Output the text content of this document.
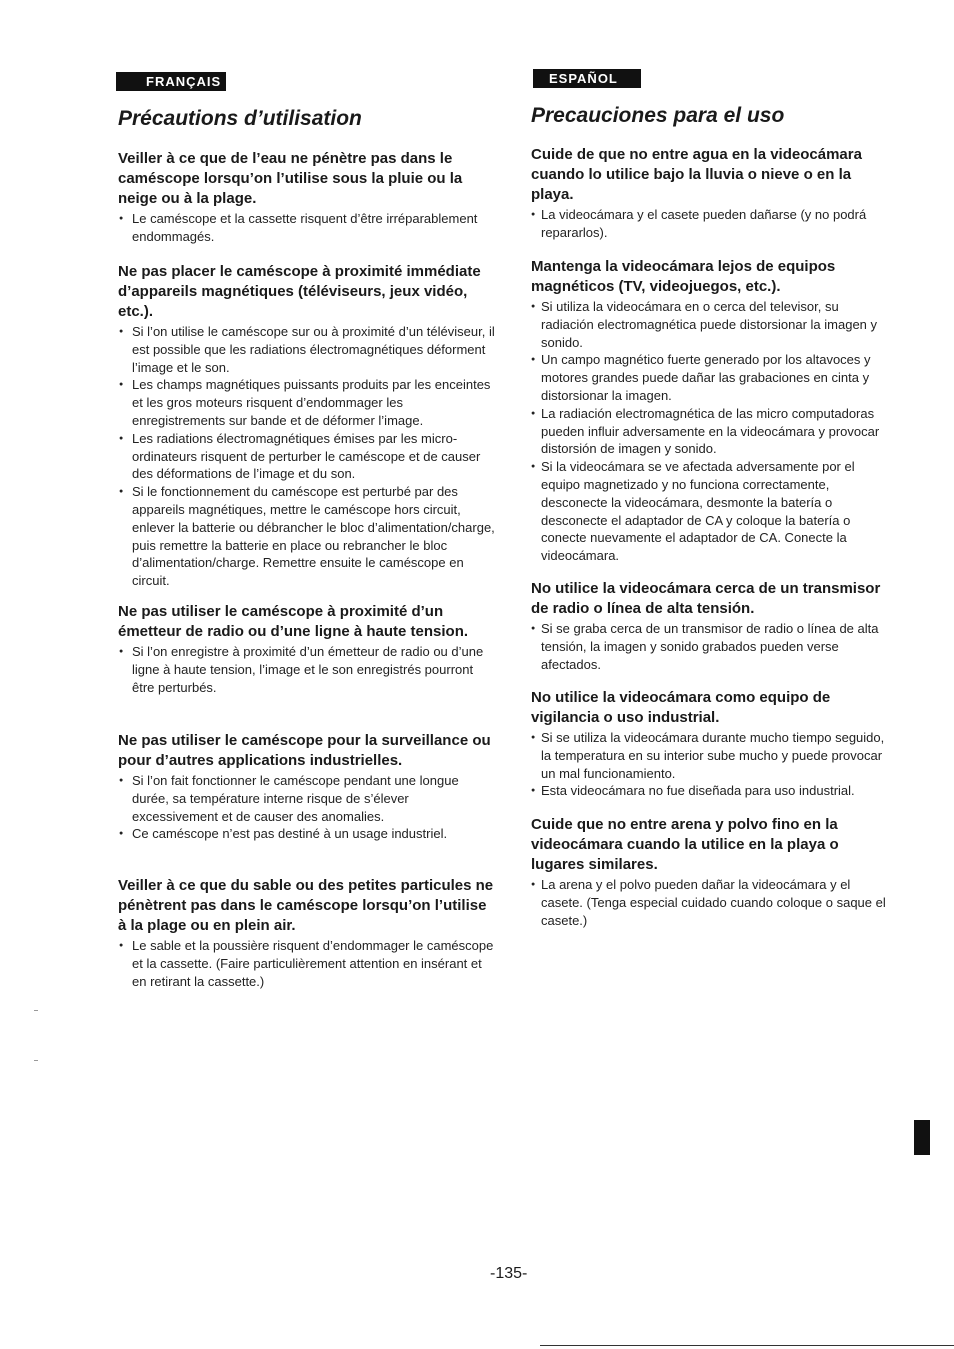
FRANÇAIS
Précautions d’utilisation
Veiller à ce que de l’eau ne pénètre pas dans le caméscope lorsqu’on l’utilise sous la pluie ou la neige ou à la plage.
● Le caméscope et la cassette risquent d’être irréparablement endommagés.
Ne pas placer le caméscope à proximité immédiate d’appareils magnétiques (téléviseurs, jeux vidéo, etc.).
● Si l’on utilise le caméscope sur ou à proximité d’un téléviseur, il est possible que les radiations électromagnétiques déforment l’image et le son.
● Les champs magnétiques puissants produits par les enceintes et les gros moteurs risquent d’endommager les enregistrements sur bande et de déformer l’image.
● Les radiations électromagnétiques émises par les micro-ordinateurs risquent de perturber le caméscope et de causer des déformations de l’image et du son.
● Si le fonctionnement du caméscope est perturbé par des appareils magnétiques, mettre le caméscope hors circuit, enlever la batterie ou débrancher le bloc d’alimentation/charge, puis remettre la batterie en place ou rebrancher le bloc d’alimentation/charge. Remettre ensuite le caméscope en circuit.
Ne pas utiliser le caméscope à proximité d’un émetteur de radio ou d’une ligne à haute tension.
● Si l’on enregistre à proximité d’un émetteur de radio ou d’une ligne à haute tension, l’image et le son enregistrés pourront être perturbés.
Ne pas utiliser le caméscope pour la surveillance ou pour d’autres applications industrielles.
● Si l’on fait fonctionner le caméscope pendant une longue durée, sa température interne risque de s’élever excessivement et de causer des anomalies.
● Ce caméscope n’est pas destiné à un usage industriel.
Veiller à ce que du sable ou des petites particules ne pénètrent pas dans le caméscope lorsqu’on l’utilise à la plage ou en plein air.
● Le sable et la poussière risquent d’endommager le caméscope et la cassette. (Faire particulièrement attention en insérant et en retirant la cassette.)
ESPAÑOL
Precauciones para el uso
Cuide de que no entre agua en la videocámara cuando lo utilice bajo la lluvia o nieve o en la playa.
● La videocámara y el casete pueden dañarse (y no podrá repararlos).
Mantenga la videocámara lejos de equipos magnéticos (TV, videojuegos, etc.).
● Si utiliza la videocámara en o cerca del televisor, su radiación electromagnética puede distorsionar la imagen y sonido.
● Un campo magnético fuerte generado por los altavoces y motores grandes puede dañar las grabaciones en cinta y distorsionar la imagen.
● La radiación electromagnética de las micro computadoras pueden influir adversamente en la videocámara y provocar distorsión de imagen y sonido.
● Si la videocámara se ve afectada adversamente por el equipo magnetizado y no funciona correctamente, desconecte la videocámara, desmonte la batería o desconecte el adaptador de CA y coloque la batería o conecte nuevamente el adaptador de CA. Conecte la videocámara.
No utilice la videocámara cerca de un transmisor de radio o línea de alta tensión.
● Si se graba cerca de un transmisor de radio o línea de alta tensión, la imagen y sonido grabados pueden verse afectados.
No utilice la videocámara como equipo de vigilancia o uso industrial.
● Si se utiliza la videocámara durante mucho tiempo seguido, la temperatura en su interior sube mucho y puede provocar un mal funcionamiento.
● Esta videocámara no fue diseñada para uso industrial.
Cuide que no entre arena y polvo fino en la videocámara cuando la utilice en la playa o lugares similares.
● La arena y el polvo pueden dañar la videocámara y el casete. (Tenga especial cuidado cuando coloque o saque el casete.)
-135-
